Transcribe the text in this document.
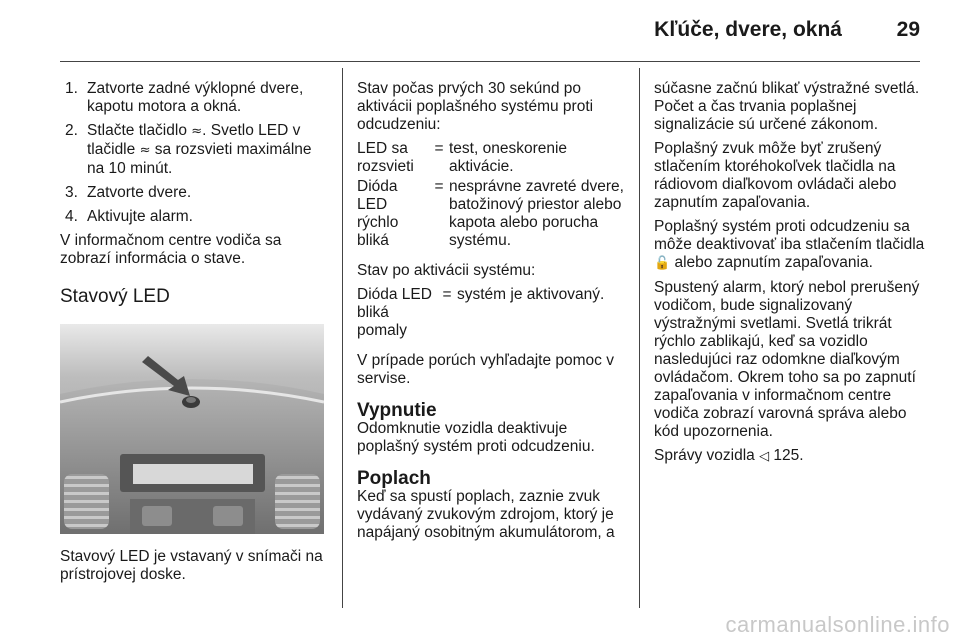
Kľúče, dvere, okná	29
1. Zatvorte zadné výklopné dvere, kapotu motora a okná.
2. Stlačte tlačidlo ≈. Svetlo LED v tlačidle ≈ sa rozsvieti maximálne na 10 minút.
3. Zatvorte dvere.
4. Aktivujte alarm.

V informačnom centre vodiča sa zobrazí informácia o stave.

Stavový LED

Stavový LED je vstavaný v snímači na prístrojovej doske.

Stav počas prvých 30 sekúnd po aktivácii poplašného systému proti odcudzeniu:

LED sa rozsvieti	=	test, oneskorenie aktivácie.
Dióda LED rýchlo bliká	=	nesprávne zavreté dvere, batožinový priestor alebo kapota alebo porucha systému.

Stav po aktivácii systému:

Dióda LED bliká pomaly	=	systém je aktivovaný.

V prípade porúch vyhľadajte pomoc v servise.

Vypnutie

Odomknutie vozidla deaktivuje poplašný systém proti odcudzeniu.

Poplach

Keď sa spustí poplach, zaznie zvuk vydávaný zvukovým zdrojom, ktorý je napájaný osobitným akumulátorom, a

súčasne začnú blikať výstražné svetlá. Počet a čas trvania poplašnej signalizácie sú určené zákonom.

Poplašný zvuk môže byť zrušený stlačením ktoréhokoľvek tlačidla na rádiovom diaľkovom ovládači alebo zapnutím zapaľovania.

Poplašný systém proti odcudzeniu sa môže deaktivovať iba stlačením tlačidla 🔓 alebo zapnutím zapaľovania.

Spustený alarm, ktorý nebol prerušený vodičom, bude signalizovaný výstražnými svetlami. Svetlá trikrát rýchlo zablikajú, keď sa vozidlo nasledujúci raz odomkne diaľkovým ovládačom. Okrem toho sa po zapnutí zapaľovania v informačnom centre vodiča zobrazí varovná správa alebo kód upozornenia.

Správy vozidla ◁ 125.

carmanualsonline.info
